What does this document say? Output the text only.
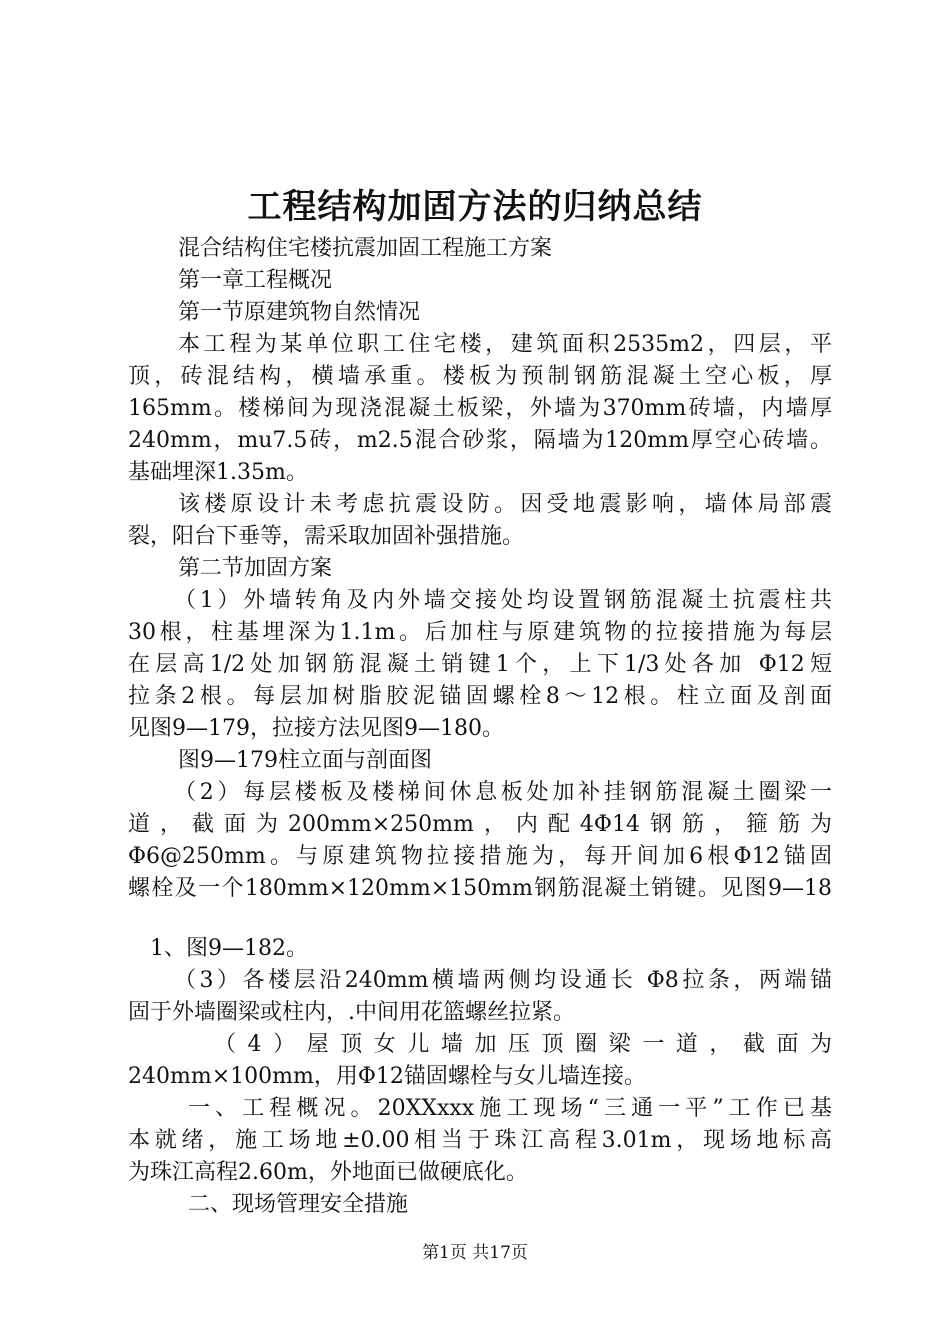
工程结构加固方法的归纳总结
混合结构住宅楼抗震加固工程施工方案
第一章工程概况
第一节原建筑物自然情况
本工程为某单位职工住宅楼，建筑面积2535m2，四层，平
顶，砖混结构，横墙承重。楼板为预制钢筋混凝土空心板，厚
165mm。楼梯间为现浇混凝土板梁，外墙为370mm砖墙，内墙厚
240mm，mu7.5砖，m2.5混合砂浆，隔墙为120mm厚空心砖墙。
基础埋深1.35m。
该楼原设计未考虑抗震设防。因受地震影响，墙体局部震
裂，阳台下垂等，需采取加固补强措施。
第二节加固方案
（1）外墙转角及内外墙交接处均设置钢筋混凝土抗震柱共
30根，柱基埋深为1.1m。后加柱与原建筑物的拉接措施为每层
在层高1/2处加钢筋混凝土销键1个，上下1/3处各加 Φ12短
拉条2根。每层加树脂胶泥锚固螺栓8～12根。柱立面及剖面
见图9—179，拉接方法见图9—180。
图9—179柱立面与剖面图
（2）每层楼板及楼梯间休息板处加补挂钢筋混凝土圈梁一
道，截面为200mm×250mm，内配4Φ14钢筋，箍筋为
Φ6@250mm。与原建筑物拉接措施为，每开间加6根Φ12锚固
螺栓及一个180mm×120mm×150mm钢筋混凝土销键。见图9—18
1、图9—182。
（3）各楼层沿240mm横墙两侧均设通长 Φ8拉条，两端锚
固于外墙圈梁或柱内，.中间用花篮螺丝拉紧。
（4）屋顶女儿墙加压顶圈梁一道，截面为
240mm×100mm，用Φ12锚固螺栓与女儿墙连接。
一、工程概况。20XXxxx施工现场“三通一平”工作已基
本就绪，施工场地±0.00相当于珠江高程3.01m，现场地标高
为珠江高程2.60m，外地面已做硬底化。
二、现场管理安全措施
第1页 共17页
